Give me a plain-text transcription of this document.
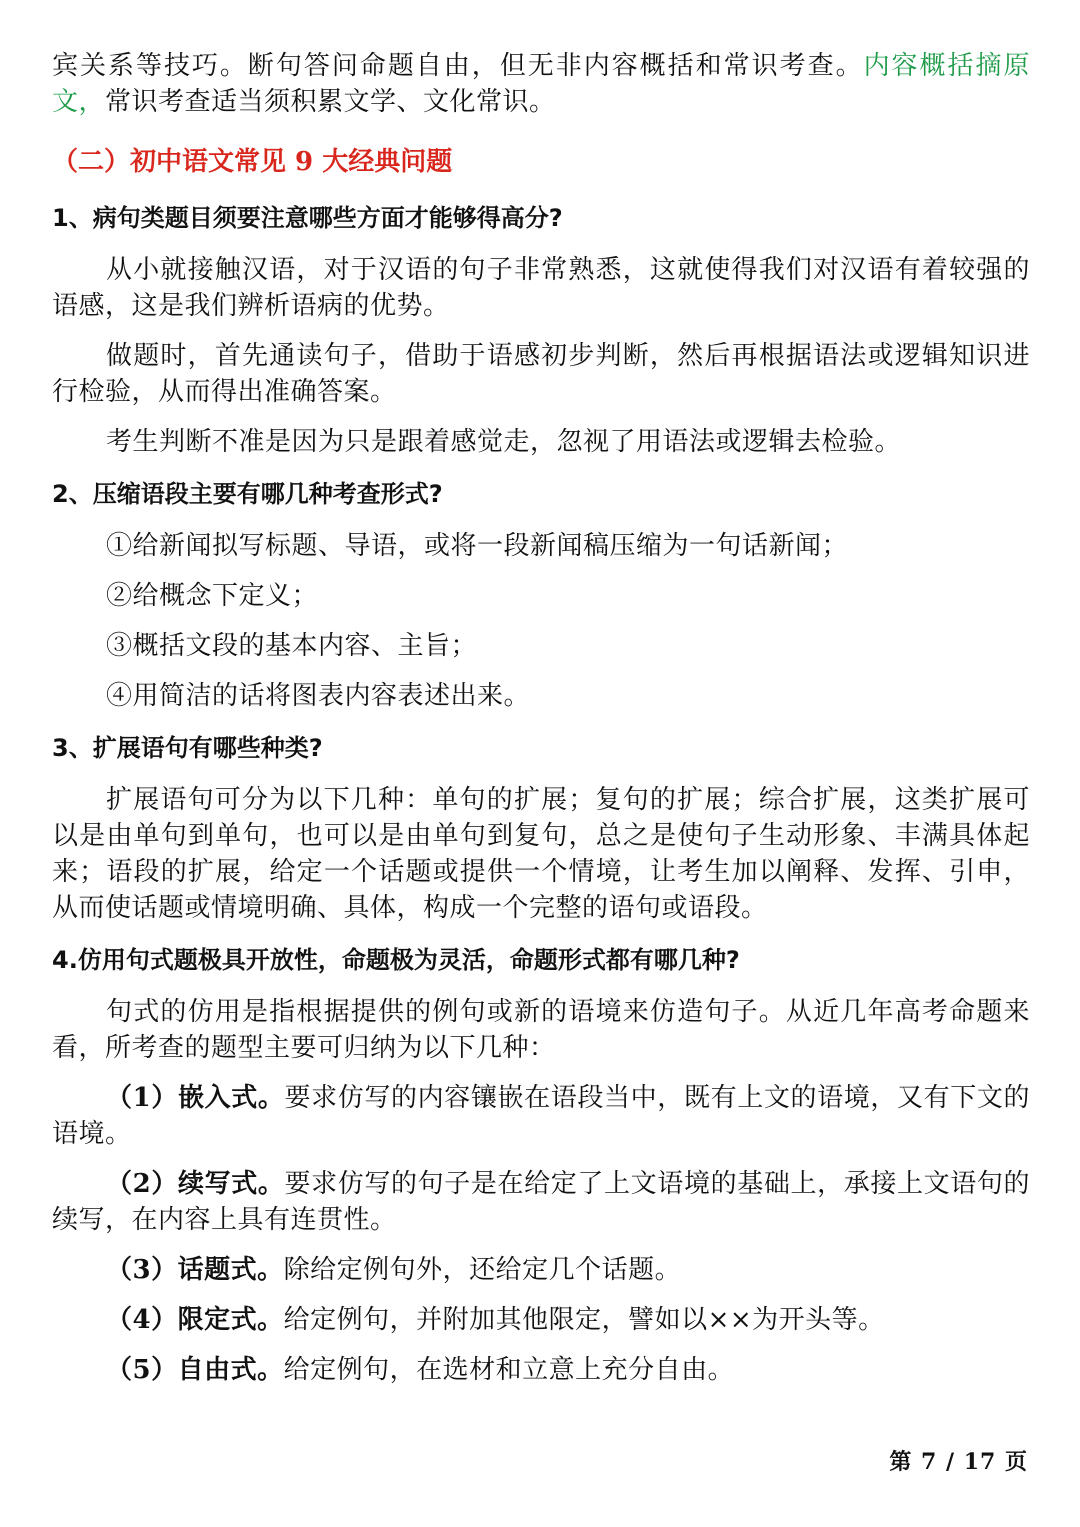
宾关系等技巧。断句答问命题自由，但无非内容概括和常识考查。内容概括摘原文，常识考查适当须积累文学、文化常识。

（二）初中语文常见 9 大经典问题

1、病句类题目须要注意哪些方面才能够得高分?

从小就接触汉语，对于汉语的句子非常熟悉，这就使得我们对汉语有着较强的语感，这是我们辨析语病的优势。

做题时，首先通读句子，借助于语感初步判断，然后再根据语法或逻辑知识进行检验，从而得出准确答案。

考生判断不准是因为只是跟着感觉走，忽视了用语法或逻辑去检验。

2、压缩语段主要有哪几种考查形式?

①给新闻拟写标题、导语，或将一段新闻稿压缩为一句话新闻；

②给概念下定义；

③概括文段的基本内容、主旨；

④用简洁的话将图表内容表述出来。

3、扩展语句有哪些种类?

扩展语句可分为以下几种：单句的扩展；复句的扩展；综合扩展，这类扩展可以是由单句到单句，也可以是由单句到复句，总之是使句子生动形象、丰满具体起来；语段的扩展，给定一个话题或提供一个情境，让考生加以阐释、发挥、引申，从而使话题或情境明确、具体，构成一个完整的语句或语段。

4.仿用句式题极具开放性，命题极为灵活，命题形式都有哪几种?

句式的仿用是指根据提供的例句或新的语境来仿造句子。从近几年高考命题来看，所考查的题型主要可归纳为以下几种：

（1）嵌入式。要求仿写的内容镶嵌在语段当中，既有上文的语境，又有下文的语境。

（2）续写式。要求仿写的句子是在给定了上文语境的基础上，承接上文语句的续写，在内容上具有连贯性。

（3）话题式。除给定例句外，还给定几个话题。

（4）限定式。给定例句，并附加其他限定，譬如以××为开头等。

（5）自由式。给定例句，在选材和立意上充分自由。

第 7 / 17 页
